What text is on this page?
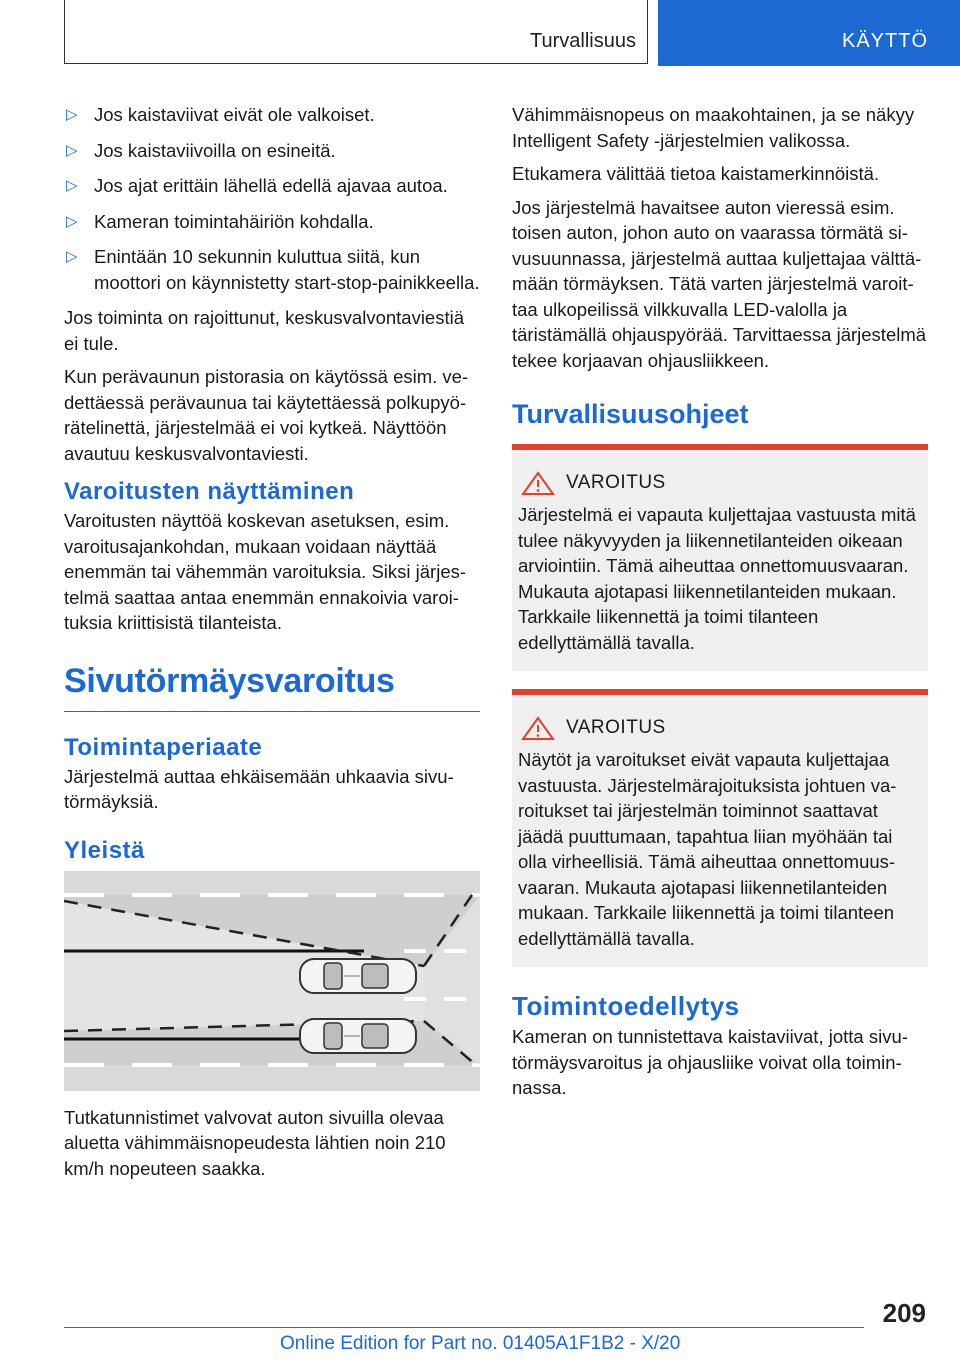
Turvallisuus	KÄYTTÖ
▷ Jos kaistaviivat eivät ole valkoiset.
▷ Jos kaistaviivoilla on esineitä.
▷ Jos ajat erittäin lähellä edellä ajavaa autoa.
▷ Kameran toimintahäiriön kohdalla.
▷ Enintään 10 sekunnin kuluttua siitä, kun moottori on käynnistetty start-stop-painikkeella.

Jos toiminta on rajoittunut, keskusvalvontaviestiä ei tule.

Kun perävaunun pistorasia on käytössä esim. vedettäessä perävaunua tai käytettäessä polkupyörätelinettä, järjestelmää ei voi kytkeä. Näyttöön avautuu keskusvalvontaviesti.

Varoitusten näyttäminen

Varoitusten näyttöä koskevan asetuksen, esim. varoitusajankohdan, mukaan voidaan näyttää enemmän tai vähemmän varoituksia. Siksi järjestelmä saattaa antaa enemmän ennakoivia varoituksia kriittisistä tilanteista.

Sivutörmäysvaroitus
Toimintaperiaate

Järjestelmä auttaa ehkäisemään uhkaavia sivutörmäyksiä.

Yleistä

Tutkatunnistimet valvovat auton sivuilla olevaa aluetta vähimmäisnopeudesta lähtien noin 210 km/h nopeuteen saakka.

Vähimmäisnopeus on maakohtainen, ja se näkyy Intelligent Safety -järjestelmien valikossa.

Etukamera välittää tietoa kaistamerkinnöistä.

Jos järjestelmä havaitsee auton vieressä esim. toisen auton, johon auto on vaarassa törmätä sivusuunnassa, järjestelmä auttaa kuljettajaa välttämään törmäyksen. Tätä varten järjestelmä varoittaa ulkopeilissä vilkkuvalla LED-valolla ja täristämällä ohjauspyörää. Tarvittaessa järjestelmä tekee korjaavan ohjausliikkeen.

Turvallisuusohjeet
VAROITUS

Järjestelmä ei vapauta kuljettajaa vastuusta mitä tulee näkyvyyden ja liikennetilanteiden oikeaan arviointiin. Tämä aiheuttaa onnettomuusvaaran. Mukauta ajotapasi liikennetilanteiden mukaan. Tarkkaile liikennettä ja toimi tilanteen edellyttämällä tavalla.

VAROITUS

Näytöt ja varoitukset eivät vapauta kuljettajaa vastuusta. Järjestelmärajoituksista johtuen varoitukset tai järjestelmän toiminnot saattavat jäädä puuttumaan, tapahtua liian myöhään tai olla virheellisiä. Tämä aiheuttaa onnettomuusvaaran. Mukauta ajotapasi liikennetilanteiden mukaan. Tarkkaile liikennettä ja toimi tilanteen edellyttämällä tavalla.

Toimintoedellytys

Kameran on tunnistettava kaistaviivat, jotta sivutörmäysvaroitus ja ohjausliike voivat olla toiminnassa.

209
Online Edition for Part no. 01405A1F1B2 - X/20
